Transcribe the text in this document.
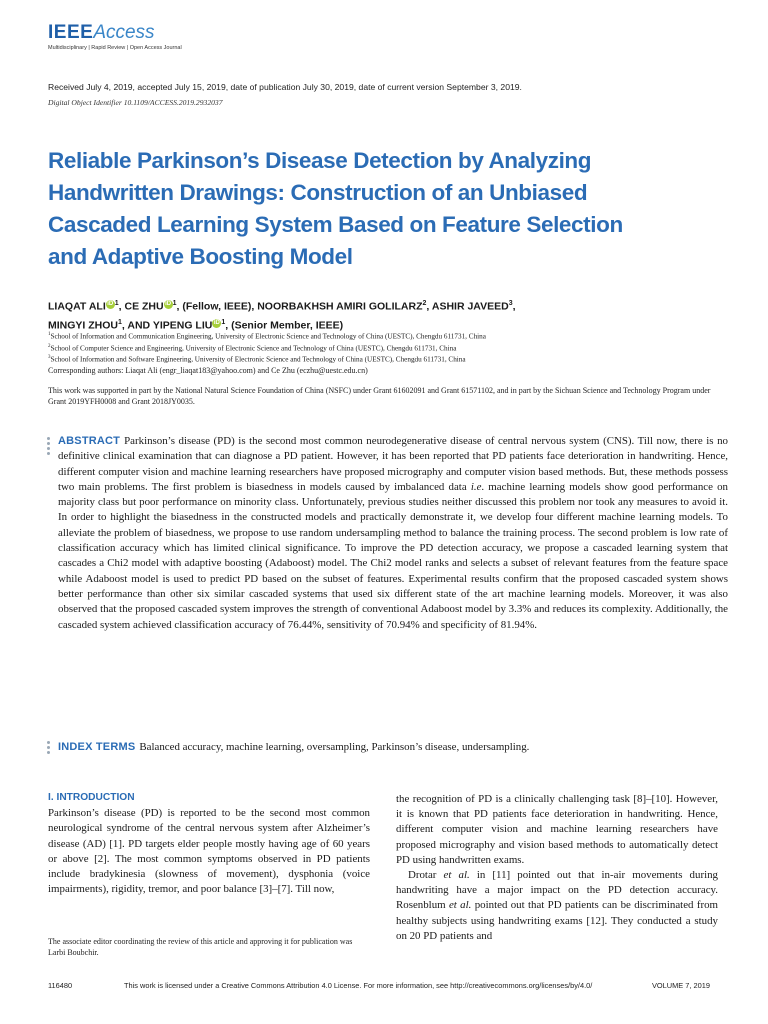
IEEEAccess
Multidisciplinary | Rapid Review | Open Access Journal
Received July 4, 2019, accepted July 15, 2019, date of publication July 30, 2019, date of current version September 3, 2019.
Digital Object Identifier 10.1109/ACCESS.2019.2932037
Reliable Parkinson’s Disease Detection by Analyzing Handwritten Drawings: Construction of an Unbiased Cascaded Learning System Based on Feature Selection and Adaptive Boosting Model
LIAQAT ALI iD $^1$, CE ZHU iD $^1$, (Fellow, IEEE), NOORBAKHSH AMIRI GOLILARZ$^2$, ASHIR JAVEED$^3$,
MINGYI ZHOU$^1$, AND YIPENG LIU iD $^1$, (Senior Member, IEEE)
$^1$School of Information and Communication Engineering, University of Electronic Science and Technology of China (UESTC), Chengdu 611731, China
$^2$School of Computer Science and Engineering, University of Electronic Science and Technology of China (UESTC), Chengdu 611731, China
$^3$School of Information and Software Engineering, University of Electronic Science and Technology of China (UESTC), Chengdu 611731, China
Corresponding authors: Liaqat Ali (engr_liaqat183@yahoo.com) and Ce Zhu (eczhu@uestc.edu.cn)
This work was supported in part by the National Natural Science Foundation of China (NSFC) under Grant 61602091 and Grant 61571102, and in part by the Sichuan Science and Technology Program under Grant 2019YFH0008 and Grant 2018JY0035.
ABSTRACT Parkinson’s disease (PD) is the second most common neurodegenerative disease of central nervous system (CNS). Till now, there is no definitive clinical examination that can diagnose a PD patient. However, it has been reported that PD patients face deterioration in handwriting. Hence, different computer vision and machine learning researchers have proposed micrography and computer vision based methods. But, these methods possess two main problems. The first problem is biasedness in models caused by imbalanced data i.e. machine learning models show good performance on majority class but poor performance on minority class. Unfortunately, previous studies neither discussed this problem nor took any measures to avoid it. In order to highlight the biasedness in the constructed models and practically demonstrate it, we develop four different machine learning models. To alleviate the problem of biasedness, we propose to use random undersampling method to balance the training process. The second problem is low rate of classification accuracy which has limited clinical significance. To improve the PD detection accuracy, we propose a cascaded learning system that cascades a Chi2 model with adaptive boosting (Adaboost) model. The Chi2 model ranks and selects a subset of relevant features from the feature space while Adaboost model is used to predict PD based on the subset of features. Experimental results confirm that the proposed cascaded system shows better performance than other six similar cascaded systems that used six different state of the art machine learning models. Moreover, it was also observed that the proposed cascaded system improves the strength of conventional Adaboost model by 3.3% and reduces its complexity. Additionally, the cascaded system achieved classification accuracy of 76.44%, sensitivity of 70.94% and specificity of 81.94%.
INDEX TERMS Balanced accuracy, machine learning, oversampling, Parkinson’s disease, undersampling.
I. INTRODUCTION

Parkinson’s disease (PD) is reported to be the second most common neurological syndrome of the central nervous system after Alzheimer’s disease (AD) [1]. PD targets elder people mostly having age of 60 years or above [2]. The most common symptoms observed in PD patients include bradykinesia (slowness of movement), dysphonia (voice impairments), rigidity, tremor, and poor balance [3]–[7]. Till now,

The associate editor coordinating the review of this article and approving it for publication was Larbi Boubchir.

the recognition of PD is a clinically challenging task [8]–[10]. However, it is known that PD patients face deterioration in handwriting. Hence, different computer vision and machine learning researchers have proposed micrography and vision based methods to automatically detect PD using handwritten exams.

Drotar et al. in [11] pointed out that in-air movements during handwriting have a major impact on the PD detection accuracy. Rosenblum et al. pointed out that PD patients can be discriminated from healthy subjects using handwriting exams [12]. They conducted a study on 20 PD patients and

116480	This work is licensed under a Creative Commons Attribution 4.0 License. For more information, see http://creativecommons.org/licenses/by/4.0/	VOLUME 7, 2019
